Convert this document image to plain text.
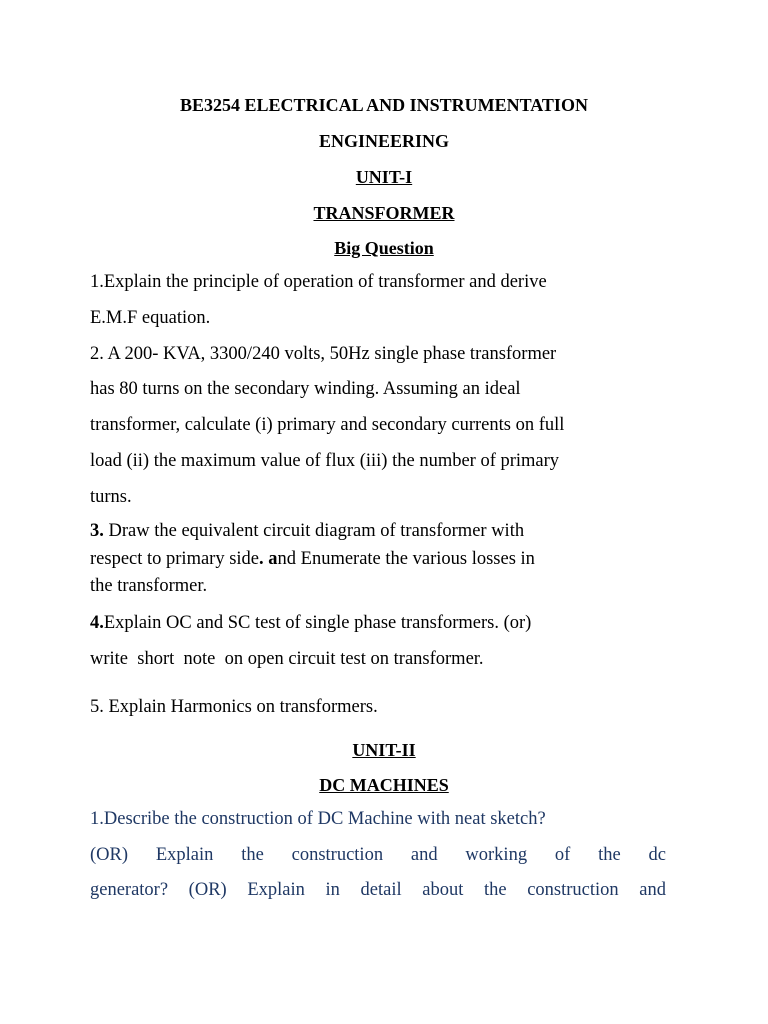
BE3254 ELECTRICAL AND INSTRUMENTATION

ENGINEERING

UNIT-I

TRANSFORMER

Big Question

1.Explain the principle of operation of transformer and derive

E.M.F equation.

2. A 200- KVA, 3300/240 volts, 50Hz single phase transformer

has 80 turns on the secondary winding. Assuming an ideal

transformer, calculate (i) primary and secondary currents on full

load (ii) the maximum value of flux (iii) the number of primary

turns.

3. Draw the equivalent circuit diagram of transformer with

respect to primary side. and Enumerate the various losses in

the transformer.

4.Explain OC and SC test of single phase transformers. (or)

write  short  note  on open circuit test on transformer.

5. Explain Harmonics on transformers.

UNIT-II

DC MACHINES

1.Describe the construction of DC Machine with neat sketch?

(OR) Explain the construction and working of the dc

generator? (OR) Explain in detail about the construction and
